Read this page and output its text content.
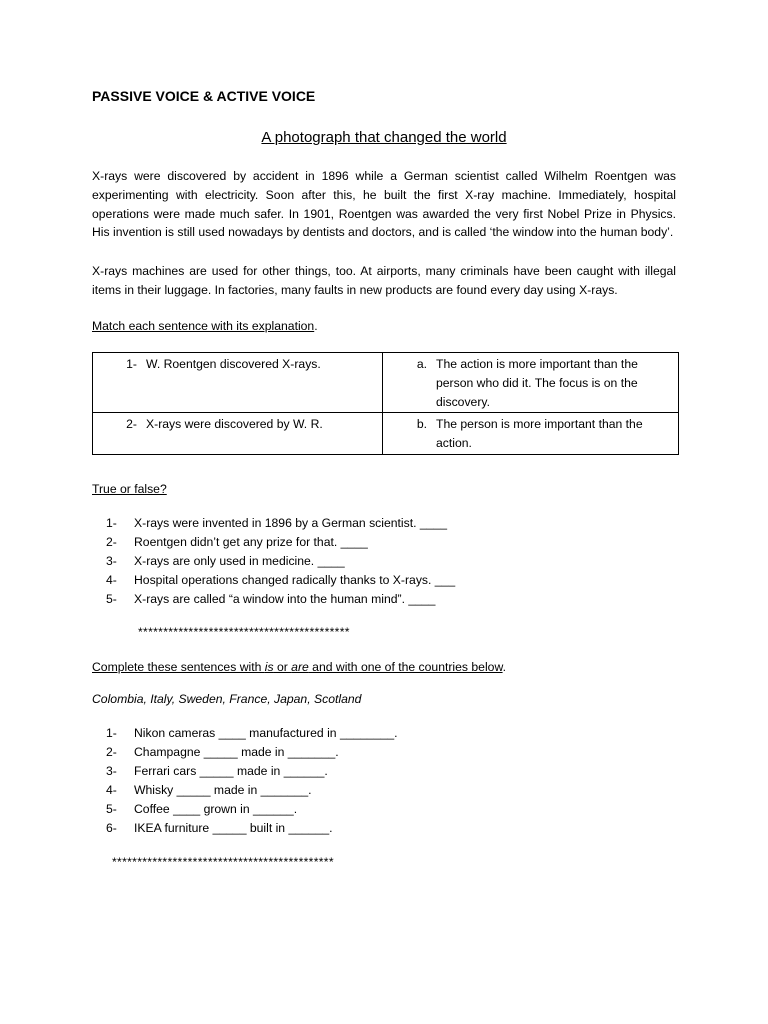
PASSIVE VOICE & ACTIVE VOICE
A photograph that changed the world

X-rays were discovered by accident in 1896 while a German scientist called Wilhelm Roentgen was experimenting with electricity. Soon after this, he built the first X-ray machine. Immediately, hospital operations were made much safer. In 1901, Roentgen was awarded the very first Nobel Prize in Physics. His invention is still used nowadays by dentists and doctors, and is called ‘the window into the human body’.

X-rays machines are used for other things, too. At airports, many criminals have been caught with illegal items in their luggage. In factories, many faults in new products are found every day using X-rays.

Match each sentence with its explanation.
1- W. Roentgen discovered X-rays.	a. The action is more important than the person who did it. The focus is on the discovery.

2- X-rays were discovered by W. R.	b. The person is more important than the action.
True or false?
1-	X-rays were invented in 1896 by a German scientist. ____
2-	Roentgen didn’t get any prize for that. ____
3-	X-rays are only used in medicine. ____
4-	Hospital operations changed radically thanks to X-rays. ___
5-	X-rays are called “a window into the human mind”. ____
******************************************
Complete these sentences with is or are and with one of the countries below.
Colombia, Italy, Sweden, France, Japan, Scotland
1-	Nikon cameras ____ manufactured in ________.
2-	Champagne _____ made in _______.
3-	Ferrari cars _____ made in ______.
4-	Whisky _____ made in _______.
5-	Coffee ____ grown in ______.
6-	IKEA furniture _____ built in ______.
********************************************
